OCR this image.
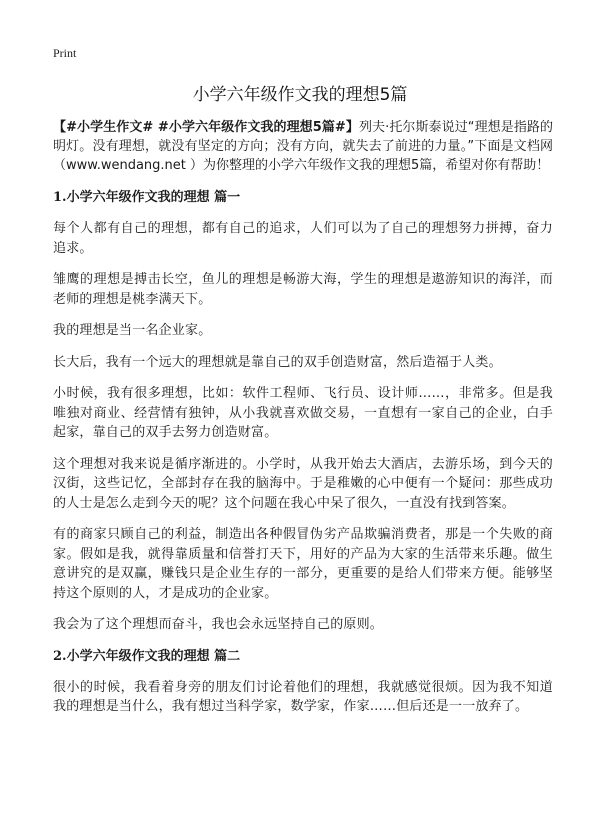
Print
小学六年级作文我的理想5篇

【#小学生作文# #小学六年级作文我的理想5篇#】列夫·托尔斯泰说过“理想是指路的明灯。没有理想，就没有坚定的方向；没有方向，就失去了前进的力量。”下面是文档网（www.wendang.net ）为你整理的小学六年级作文我的理想5篇，希望对你有帮助！

1.小学六年级作文我的理想 篇一

每个人都有自己的理想，都有自己的追求，人们可以为了自己的理想努力拼搏，奋力追求。

雏鹰的理想是搏击长空，鱼儿的理想是畅游大海，学生的理想是遨游知识的海洋，而老师的理想是桃李满天下。

我的理想是当一名企业家。

长大后，我有一个远大的理想就是靠自己的双手创造财富，然后造福于人类。

小时候，我有很多理想，比如：软件工程师、飞行员、设计师……，非常多。但是我唯独对商业、经营情有独钟，从小我就喜欢做交易，一直想有一家自己的企业，白手起家，靠自己的双手去努力创造财富。

这个理想对我来说是循序渐进的。小学时，从我开始去大酒店，去游乐场，到今天的汉街，这些记忆，全部封存在我的脑海中。于是稚嫩的心中便有一个疑问：那些成功的人士是怎么走到今天的呢？这个问题在我心中呆了很久，一直没有找到答案。

有的商家只顾自己的利益，制造出各种假冒伪劣产品欺骗消费者，那是一个失败的商家。假如是我，就得靠质量和信誉打天下，用好的产品为大家的生活带来乐趣。做生意讲究的是双赢，赚钱只是企业生存的一部分，更重要的是给人们带来方便。能够坚持这个原则的人，才是成功的企业家。

我会为了这个理想而奋斗，我也会永远坚持自己的原则。

2.小学六年级作文我的理想 篇二

很小的时候，我看着身旁的朋友们讨论着他们的理想，我就感觉很烦。因为我不知道我的理想是当什么，我有想过当科学家，数学家，作家……但后还是一一放弃了。
